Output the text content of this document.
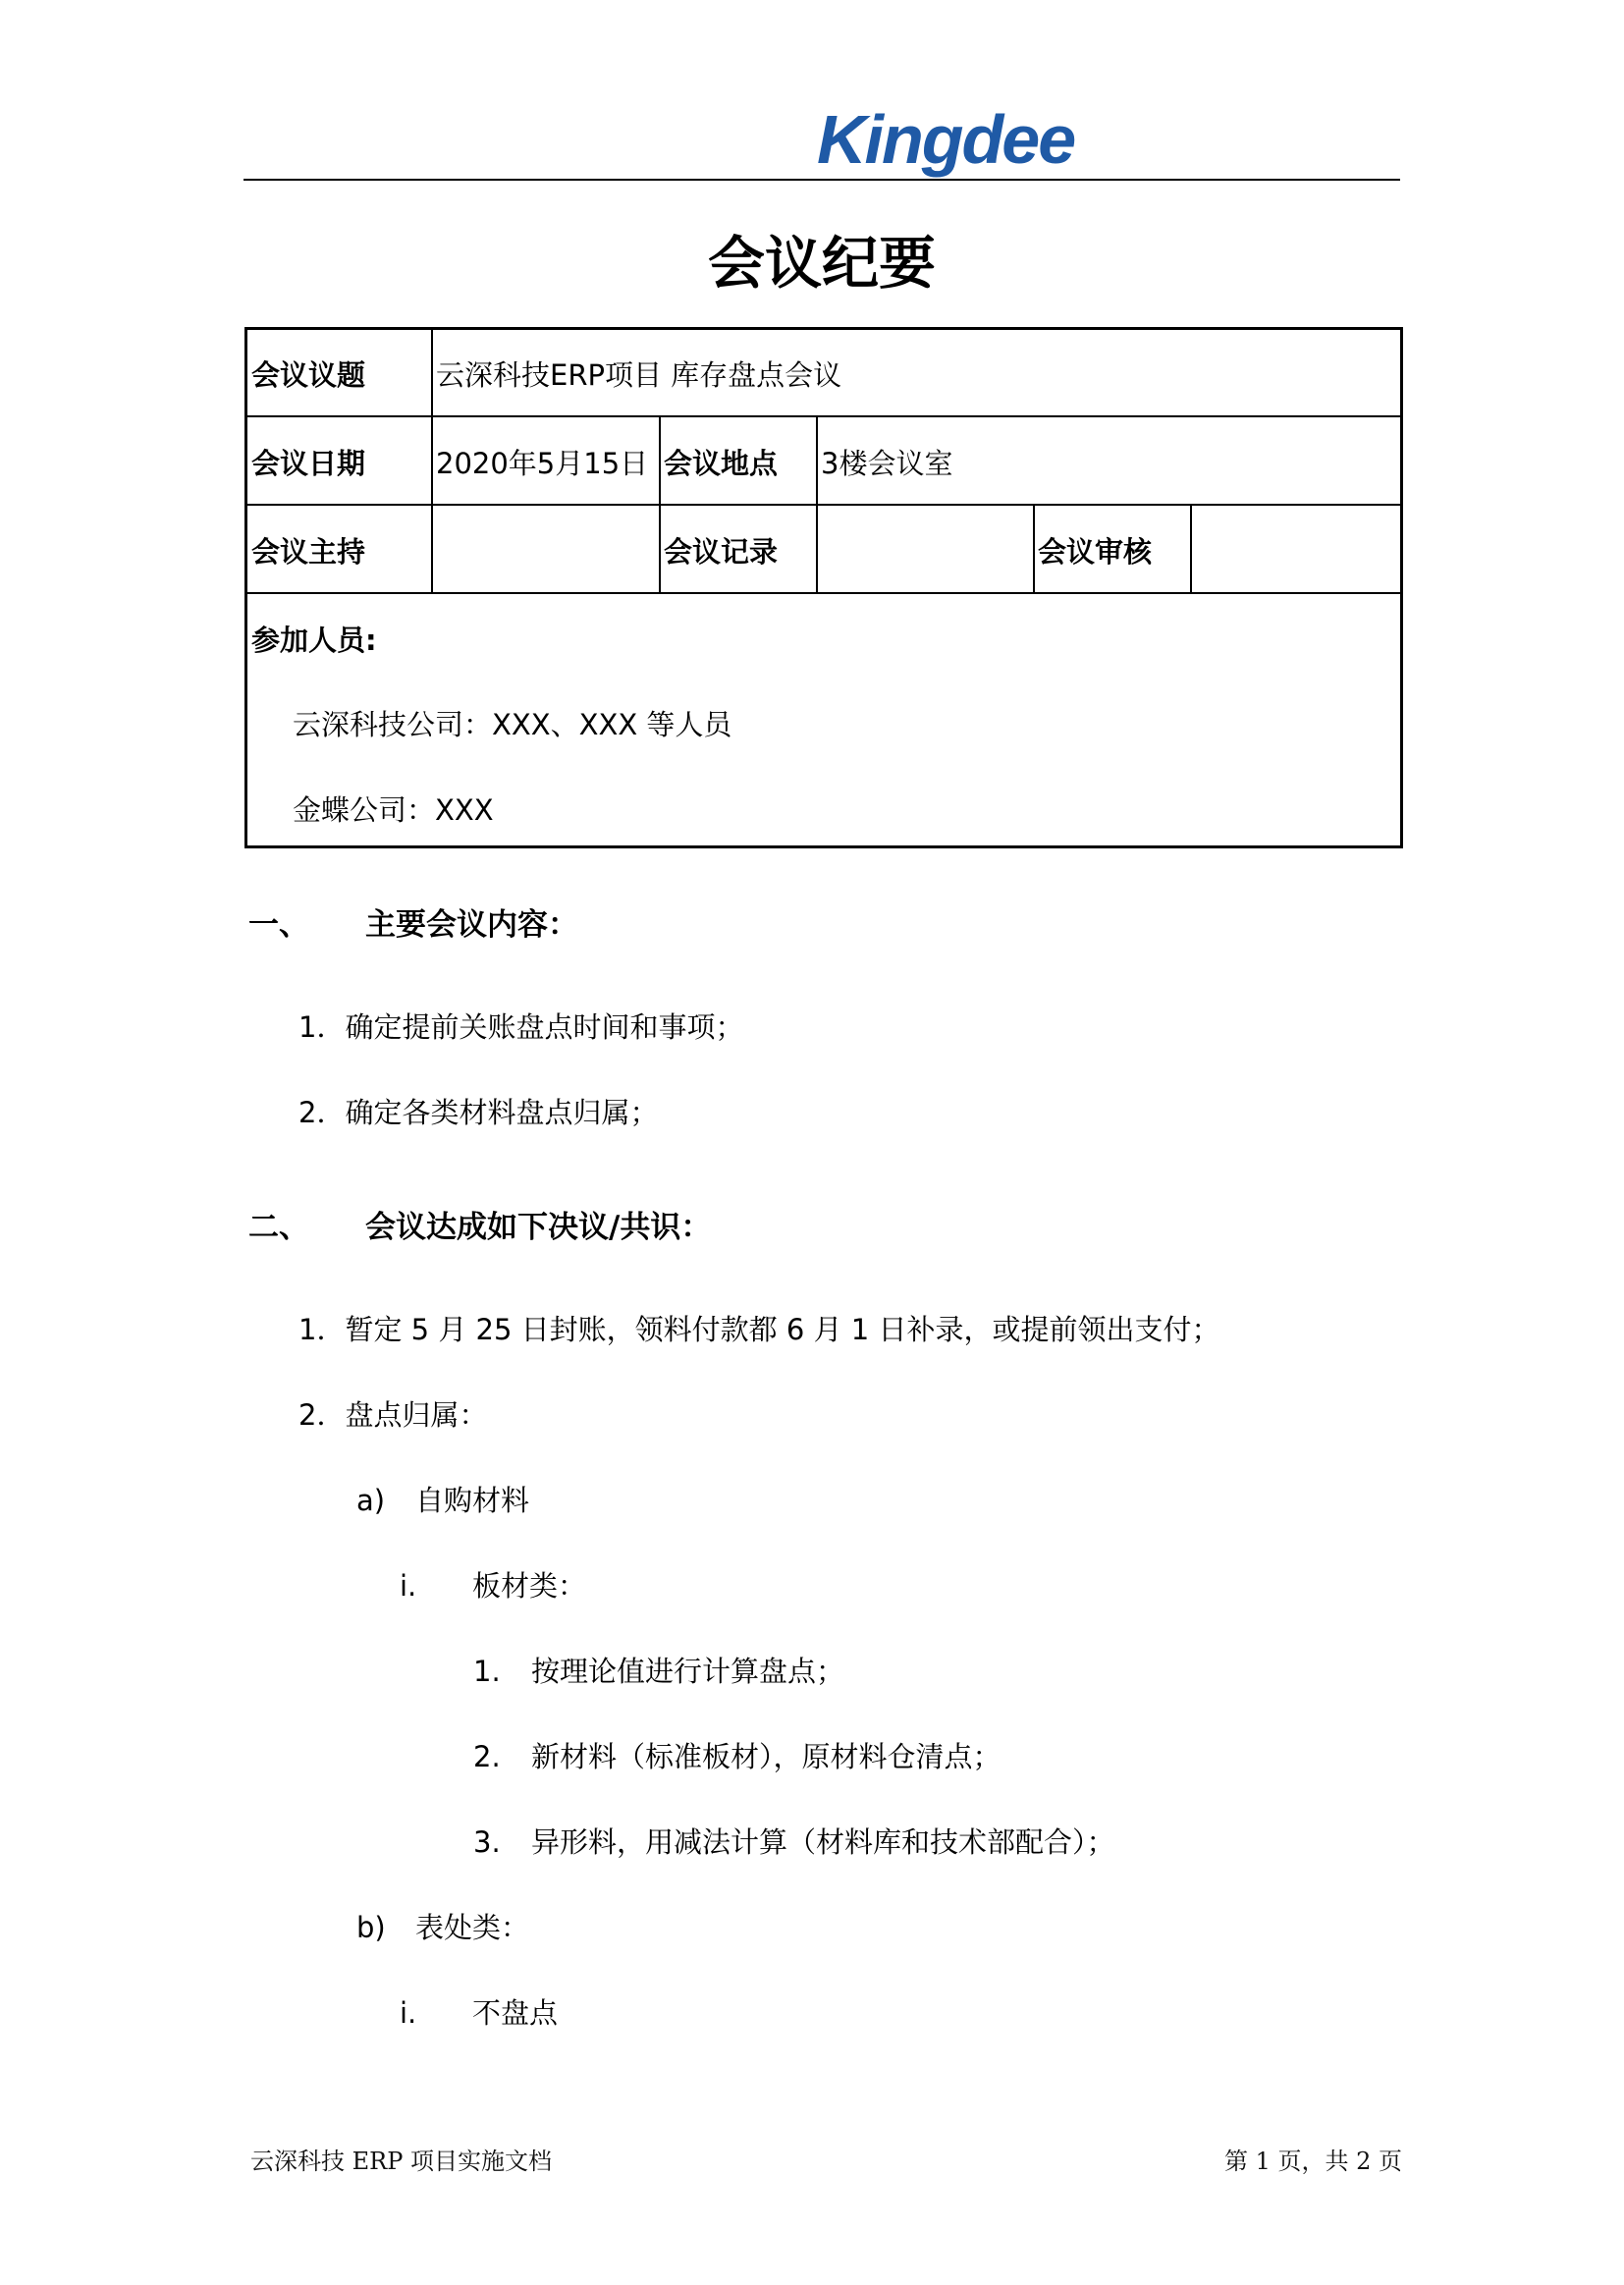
Kingdee
会议纪要
会议议题 云深科技ERP项目 库存盘点会议
会议日期 2020年5月15日 会议地点 3楼会议室
会议主持	会议记录	会议审核
参加人员:
云深科技公司：XXX、XXX 等人员
金蝶公司：XXX
一、 主要会议内容：
1．确定提前关账盘点时间和事项；
2．确定各类材料盘点归属；
二、 会议达成如下决议/共识：
1．暂定 5 月 25 日封账，领料付款都 6 月 1 日补录，或提前领出支付；
2．盘点归属：
a) 自购材料
i. 板材类：
1. 按理论值进行计算盘点；
2. 新材料（标准板材），原材料仓清点；
3. 异形料，用减法计算（材料库和技术部配合）；
b) 表处类：
i. 不盘点
云深科技 ERP 项目实施文档	第 1 页，共 2 页
